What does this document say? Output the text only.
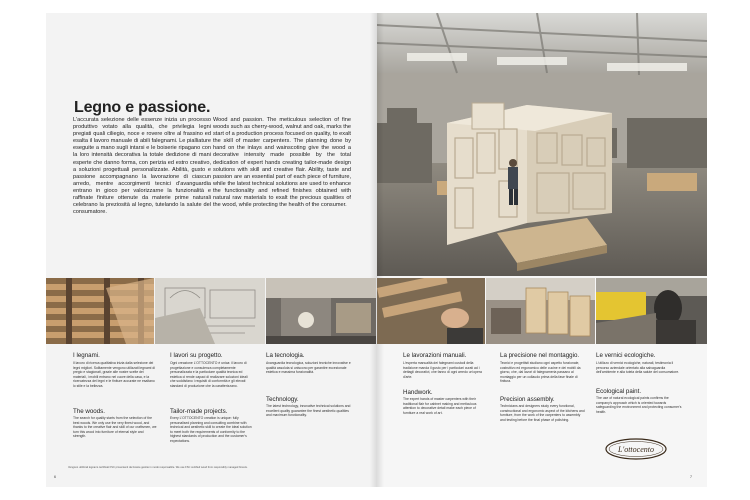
Legno e passione.

L'accurata selezione delle essenze inizia un processo produttivo votato alla qualità, che privilegia legni pregiati quali ciliegio, noce e rovere oltre al frassino ed esalta il lavoro manuale di abili falegnami. Le pialliature eseguite a mano sugli intarsi e le boiserie ripagano con la loro intensità decorativa la totale dedizione di mani esperte che danno forma, con perizia ed estro creativo, a soluzioni progettuali personalizzate. Abilità, gusto e passione accompagnano la lavorazione di ciascun arredo, mentre accorgimenti tecnici d'avanguardia entrano in gioco per valorizzarne la funzionalità e raffinate finiture ottenute da materie prime naturali celebrano la preziosità al legno, tutelando la salute del consumatore.

Wood and passion. The meticulous selection of fine woods such as cherry-wood, walnut and oak, marks the start of a production process focused on quality, to exalt the skill of master carpenters. The planning done by hand on the inlays and wainscoting give the wood a decorative intensity made possible by the total dedication of expert hands creating tailor-made design solutions with skill and creative flair. Ability, taste and passion are an essential part of each piece of furniture, while the latest technical solutions are used to enhance the functionality and refined finishes obtained with natural raw materials to exalt the precious qualities of the wood, while protecting the health of the consumer.

I legnami.

Il lavoro di ricerca qualitativa inizia dalla selezione dei legni migliori. Solitamente vengono utilizzati legnami di pregio e stagionati, grazie alle nostre scelte dei materiali, i mobili entrano nel cuore della casa, e la ricercatezza dei legni e le finiture accurate ne esaltano lo stile e la bellezza.

The woods.

The search for quality starts from the selection of the best woods. We only use the very finest wood, and thanks to the creative flair and skill of our craftsmen, we turn this wood into furniture of eternal style and strength.

I lavori su progetto.

Ogni creazione L'OTTOCENTO è unica: il lavoro di progettazione e consulenza completamente personalizzata e la particolare qualità tecnica ed estetica ci rende capaci di realizzare soluzioni ideali che soddisfano i requisiti di conformità e gli elevati standard di produzione che la caratterizzano.

Tailor-made projects.

Every L'OTTOCENTO creation is unique: fully personalised planning and consulting combine with technical and aesthetic skill to create the ideal solution to meet both the requirements of conformity to the highest standards of production and the customer's expectations.

La tecnologia.

Avanguardia tecnologica, soluzioni tecniche innovative e qualità assoluta si uniscono per garantire eccezionale estetica e massima funzionalità.

Technology.

The latest technology, innovative technical solutions and excellent quality guarantee the finest aesthetic qualities and maximum functionality.

Le lavorazioni manuali.

L'esperta manualità dei falegnami custodi della tradizione manda il gusto per i particolari curati ad i dettagli decorativi, che fanno di ogni arredo un'opera d'arte.

Handwork.

The expert hands of master carpenters with their traditional flair for cabinet making and meticulous attention to decorative detail make each piece of furniture a real work of art.

La precisione nel montaggio.

Tecnici e progettisti studiano ogni aspetto funzionale, costruttivo ed ergonomico delle cucine e dei mobili da giorno, che, dai lavori di falegnameria passano al montaggio per un collaudo prima della fase finale di finitura.

Precision assembly.

Technicians and designers study every functional, constructional and ergonomic aspect of the kitchens and furniture, from the work of the carpenters to assembly and testing before the final phase of polishing.

Le vernici ecologiche.

L'utilizzo di vernici ecologiche, naturali, testimonia il percorso aziendale orientato alla salvaguardia dell'ambiente e alla tutela della salute del consumatore.

Ecological paint.

The use of natural ecological paints confirms the company's approach which is oriented towards safeguarding the environment and protecting consumer's health.

Vengono utilizzati legnami certificati FSC provenienti da foreste gestite in modo responsabile. We use FSC certified wood from responsibly managed forests.
6	7
L'ottocento
